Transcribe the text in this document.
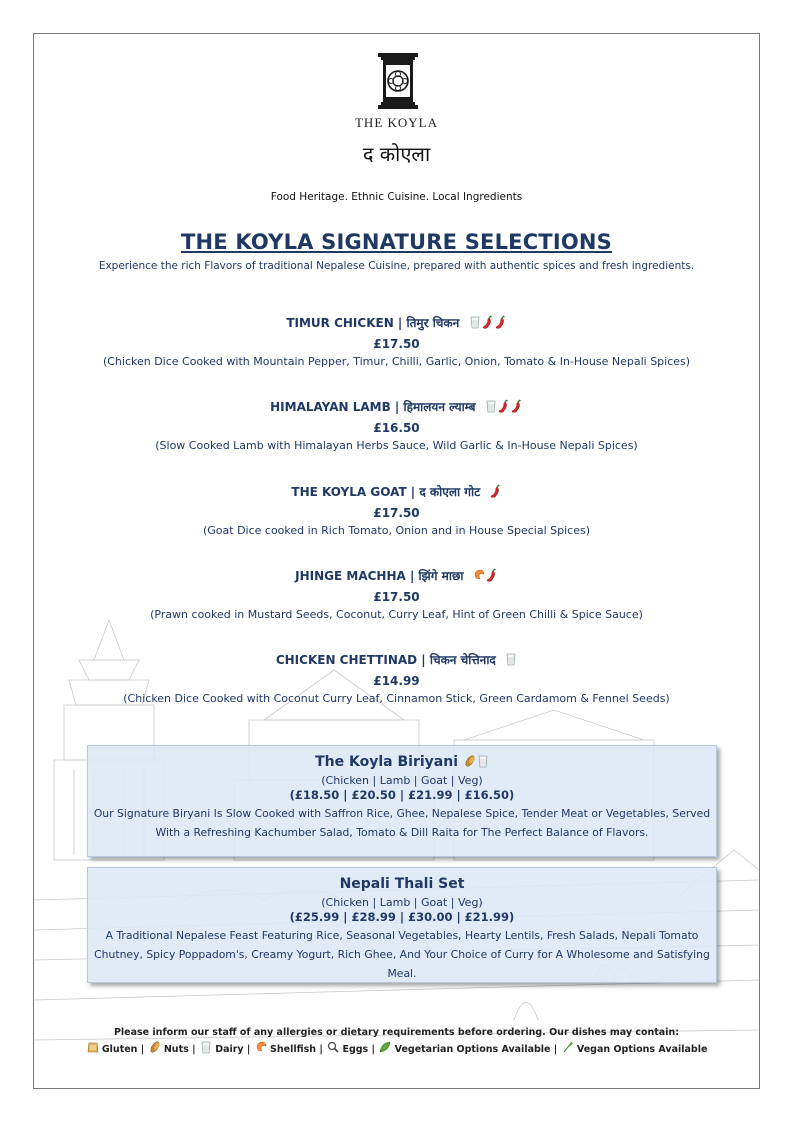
THE KOYLA
द कोएला
Food Heritage. Ethnic Cuisine. Local Ingredients
THE KOYLA SIGNATURE SELECTIONS
Experience the rich Flavors of traditional Nepalese Cuisine, prepared with authentic spices and fresh ingredients.
TIMUR CHICKEN | तिमुर चिकन
£17.50
(Chicken Dice Cooked with Mountain Pepper, Timur, Chilli, Garlic, Onion, Tomato & In-House Nepali Spices)
HIMALAYAN LAMB | हिमालयन ल्याम्ब
£16.50
(Slow Cooked Lamb with Himalayan Herbs Sauce, Wild Garlic & In-House Nepali Spices)
THE KOYLA GOAT | द कोएला गोट
£17.50
(Goat Dice cooked in Rich Tomato, Onion and in House Special Spices)
JHINGE MACHHA | झिंगे माछा
£17.50
(Prawn cooked in Mustard Seeds, Coconut, Curry Leaf, Hint of Green Chilli & Spice Sauce)
CHICKEN CHETTINAD | चिकन चेत्तिनाद
£14.99
(Chicken Dice Cooked with Coconut Curry Leaf, Cinnamon Stick, Green Cardamom & Fennel Seeds)
The Koyla Biriyani
(Chicken | Lamb | Goat | Veg)
(£18.50 | £20.50 | £21.99 | £16.50)
Our Signature Biryani Is Slow Cooked with Saffron Rice, Ghee, Nepalese Spice, Tender Meat or Vegetables, Served With a Refreshing Kachumber Salad, Tomato & Dill Raita for The Perfect Balance of Flavors.
Nepali Thali Set
(Chicken | Lamb | Goat | Veg)
(£25.99 | £28.99 | £30.00 | £21.99)
A Traditional Nepalese Feast Featuring Rice, Seasonal Vegetables, Hearty Lentils, Fresh Salads, Nepali Tomato Chutney, Spicy Poppadom's, Creamy Yogurt, Rich Ghee, And Your Choice of Curry for A Wholesome and Satisfying Meal.
Please inform our staff of any allergies or dietary requirements before ordering. Our dishes may contain:
Gluten |  Nuts |  Dairy |  Shellfish |  Eggs |  Vegetarian Options Available |  Vegan Options Available
